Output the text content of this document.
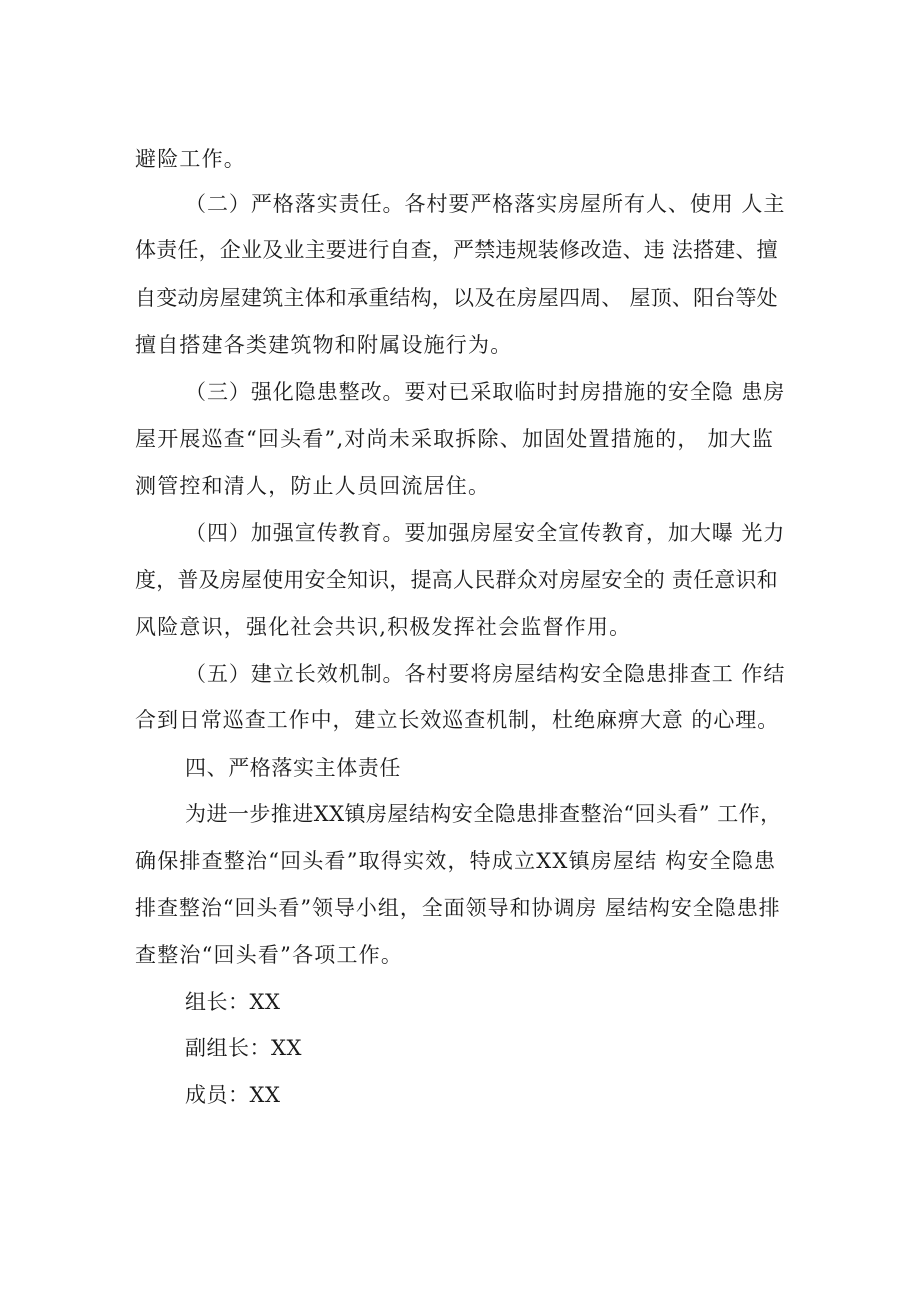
避险工作。
（二）严格落实责任。各村要严格落实房屋所有人、使用 人主
体责任，企业及业主要进行自查，严禁违规装修改造、违 法搭建、擅
自变动房屋建筑主体和承重结构，以及在房屋四周、 屋顶、阳台等处
擅自搭建各类建筑物和附属设施行为。
（三）强化隐患整改。要对已采取临时封房措施的安全隐 患房
屋开展巡查“回头看”,对尚未采取拆除、加固处置措施的， 加大监
测管控和清人，防止人员回流居住。
（四）加强宣传教育。要加强房屋安全宣传教育，加大曝 光力
度，普及房屋使用安全知识，提高人民群众对房屋安全的 责任意识和
风险意识，强化社会共识,积极发挥社会监督作用。
（五）建立长效机制。各村要将房屋结构安全隐患排查工 作结
合到日常巡查工作中，建立长效巡查机制，杜绝麻痹大意 的心理。
四、严格落实主体责任
为进一步推进XX镇房屋结构安全隐患排查整治“回头看” 工作，
确保排查整治“回头看”取得实效，特成立XX镇房屋结 构安全隐患
排查整治“回头看”领导小组，全面领导和协调房 屋结构安全隐患排
查整治“回头看”各项工作。
组长：XX
副组长：XX
成员：XX
